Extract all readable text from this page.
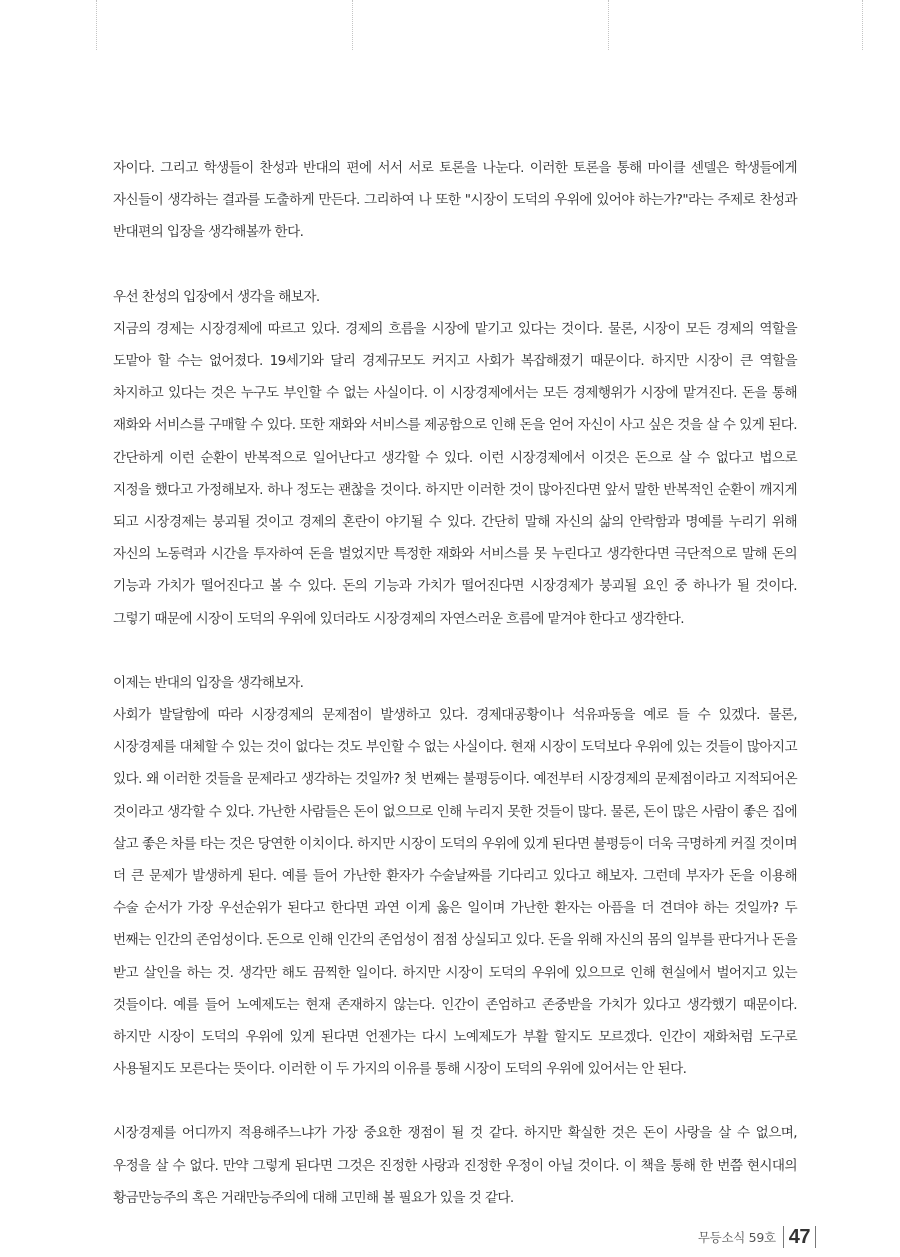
자이다. 그리고 학생들이 찬성과 반대의 편에 서서 서로 토론을 나눈다. 이러한 토론을 통해 마이클 센델은 학생들에게 자신들이 생각하는 결과를 도출하게 만든다. 그리하여 나 또한 "시장이 도덕의 우위에 있어야 하는가?"라는 주제로 찬성과 반대편의 입장을 생각해볼까 한다.

우선 찬성의 입장에서 생각을 해보자.

지금의 경제는 시장경제에 따르고 있다. 경제의 흐름을 시장에 맡기고 있다는 것이다. 물론, 시장이 모든 경제의 역할을 도맡아 할 수는 없어졌다. 19세기와 달리 경제규모도 커지고 사회가 복잡해졌기 때문이다. 하지만 시장이 큰 역할을 차지하고 있다는 것은 누구도 부인할 수 없는 사실이다. 이 시장경제에서는 모든 경제행위가 시장에 맡겨진다. 돈을 통해 재화와 서비스를 구매할 수 있다. 또한 재화와 서비스를 제공함으로 인해 돈을 얻어 자신이 사고 싶은 것을 살 수 있게 된다. 간단하게 이런 순환이 반복적으로 일어난다고 생각할 수 있다. 이런 시장경제에서 이것은 돈으로 살 수 없다고 법으로 지정을 했다고 가정해보자. 하나 정도는 괜찮을 것이다. 하지만 이러한 것이 많아진다면 앞서 말한 반복적인 순환이 깨지게 되고 시장경제는 붕괴될 것이고 경제의 혼란이 야기될 수 있다. 간단히 말해 자신의 삶의 안락함과 명예를 누리기 위해 자신의 노동력과 시간을 투자하여 돈을 벌었지만 특정한 재화와 서비스를 못 누린다고 생각한다면 극단적으로 말해 돈의 기능과 가치가 떨어진다고 볼 수 있다. 돈의 기능과 가치가 떨어진다면 시장경제가 붕괴될 요인 중 하나가 될 것이다. 그렇기 때문에 시장이 도덕의 우위에 있더라도 시장경제의 자연스러운 흐름에 맡겨야 한다고 생각한다.

이제는 반대의 입장을 생각해보자.

사회가 발달함에 따라 시장경제의 문제점이 발생하고 있다. 경제대공황이나 석유파동을 예로 들 수 있겠다. 물론, 시장경제를 대체할 수 있는 것이 없다는 것도 부인할 수 없는 사실이다. 현재 시장이 도덕보다 우위에 있는 것들이 많아지고 있다. 왜 이러한 것들을 문제라고 생각하는 것일까? 첫 번째는 불평등이다. 예전부터 시장경제의 문제점이라고 지적되어온 것이라고 생각할 수 있다. 가난한 사람들은 돈이 없으므로 인해 누리지 못한 것들이 많다. 물론, 돈이 많은 사람이 좋은 집에 살고 좋은 차를 타는 것은 당연한 이치이다. 하지만 시장이 도덕의 우위에 있게 된다면 불평등이 더욱 극명하게 커질 것이며 더 큰 문제가 발생하게 된다. 예를 들어 가난한 환자가 수술날짜를 기다리고 있다고 해보자. 그런데 부자가 돈을 이용해 수술 순서가 가장 우선순위가 된다고 한다면 과연 이게 옳은 일이며 가난한 환자는 아픔을 더 견뎌야 하는 것일까? 두 번째는 인간의 존엄성이다. 돈으로 인해 인간의 존엄성이 점점 상실되고 있다. 돈을 위해 자신의 몸의 일부를 판다거나 돈을 받고 살인을 하는 것. 생각만 해도 끔찍한 일이다. 하지만 시장이 도덕의 우위에 있으므로 인해 현실에서 벌어지고 있는 것들이다. 예를 들어 노예제도는 현재 존재하지 않는다. 인간이 존엄하고 존중받을 가치가 있다고 생각했기 때문이다. 하지만 시장이 도덕의 우위에 있게 된다면 언젠가는 다시 노예제도가 부활 할지도 모르겠다. 인간이 재화처럼 도구로 사용될지도 모른다는 뜻이다. 이러한 이 두 가지의 이유를 통해 시장이 도덕의 우위에 있어서는 안 된다.

시장경제를 어디까지 적용해주느냐가 가장 중요한 쟁점이 될 것 같다. 하지만 확실한 것은 돈이 사랑을 살 수 없으며, 우정을 살 수 없다. 만약 그렇게 된다면 그것은 진정한 사랑과 진정한 우정이 아닐 것이다. 이 책을 통해 한 번쯤 현시대의 황금만능주의 혹은 거래만능주의에 대해 고민해 볼 필요가 있을 것 같다.

무등소식 59호 47
